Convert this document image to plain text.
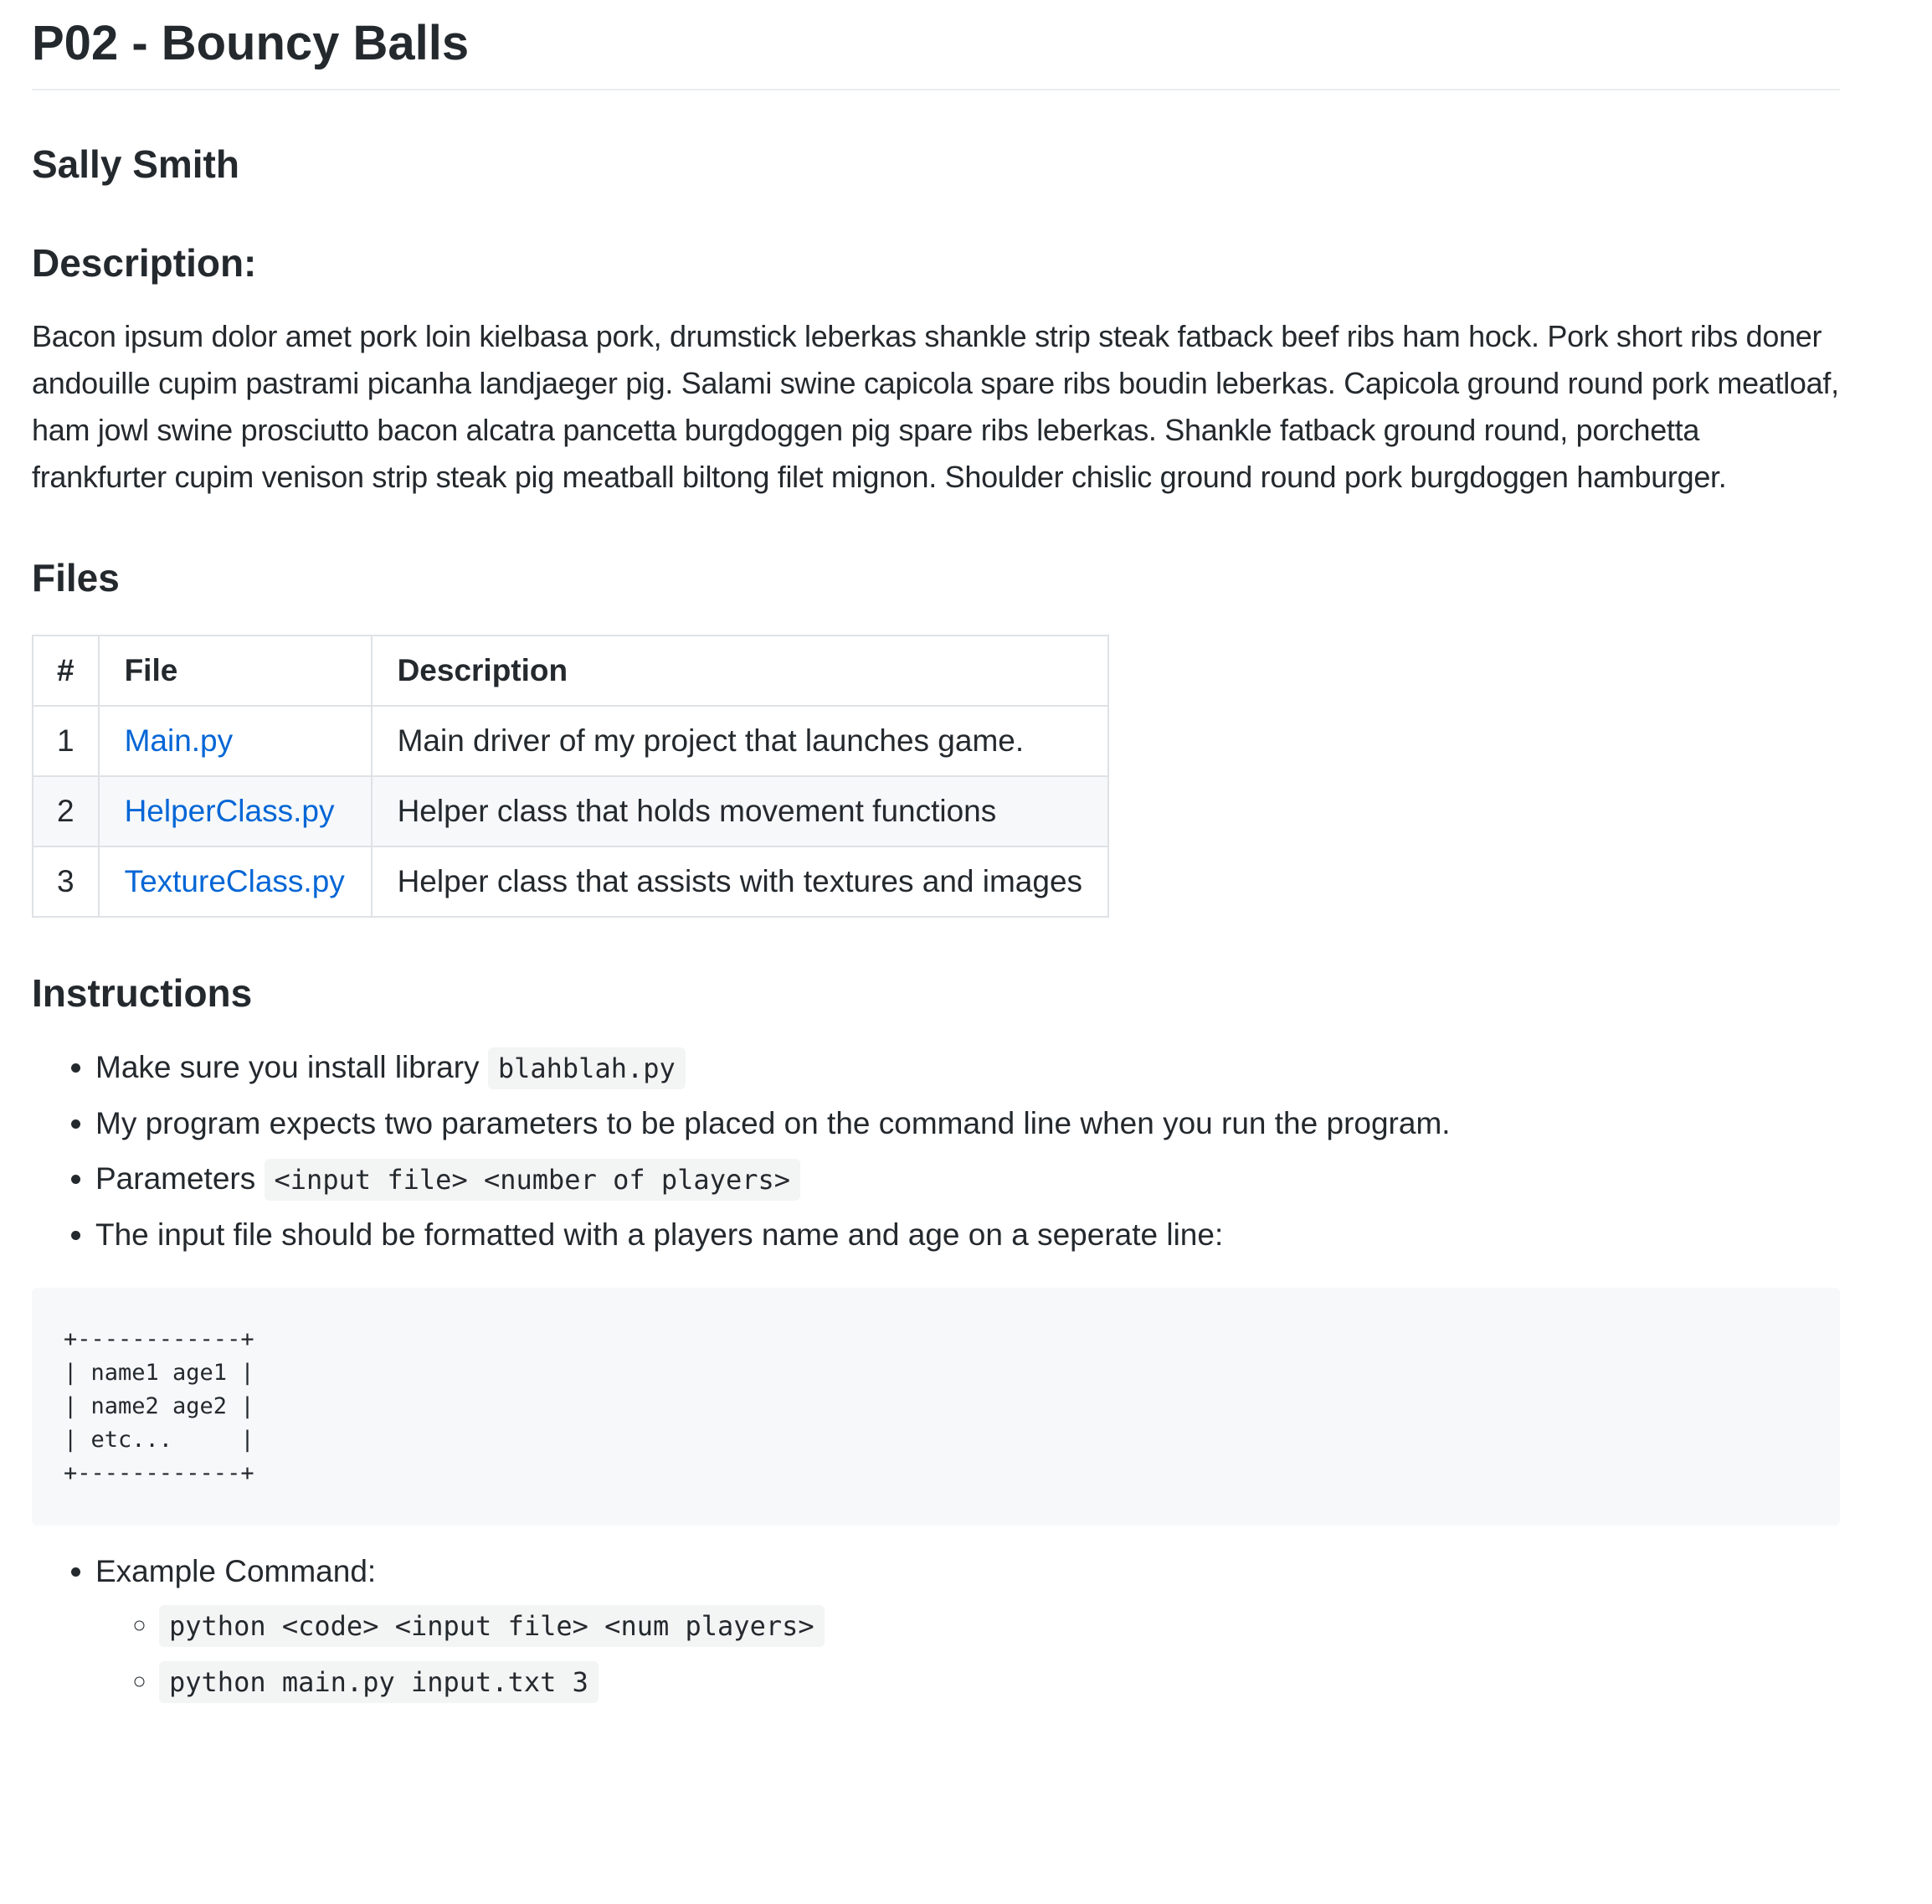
P02 - Bouncy Balls
Sally Smith
Description:

Bacon ipsum dolor amet pork loin kielbasa pork, drumstick leberkas shankle strip steak fatback beef ribs ham hock. Pork short ribs doner andouille cupim pastrami picanha landjaeger pig. Salami swine capicola spare ribs boudin leberkas. Capicola ground round pork meatloaf, ham jowl swine prosciutto bacon alcatra pancetta burgdoggen pig spare ribs leberkas. Shankle fatback ground round, porchetta frankfurter cupim venison strip steak pig meatball biltong filet mignon. Shoulder chislic ground round pork burgdoggen hamburger.

Files
#	File	Description
1	Main.py	Main driver of my project that launches game.
2	HelperClass.py	Helper class that holds movement functions
3	TextureClass.py	Helper class that assists with textures and images
Instructions
• Make sure you install library blahblah.py
• My program expects two parameters to be placed on the command line when you run the program.
• Parameters <input file> <number of players>
• The input file should be formatted with a players name and age on a seperate line:
+------------+
| name1 age1 |
| name2 age2 |
| etc...     |
+------------+
• Example Command:
◦ python <code> <input file> <num players>
◦ python main.py input.txt 3
